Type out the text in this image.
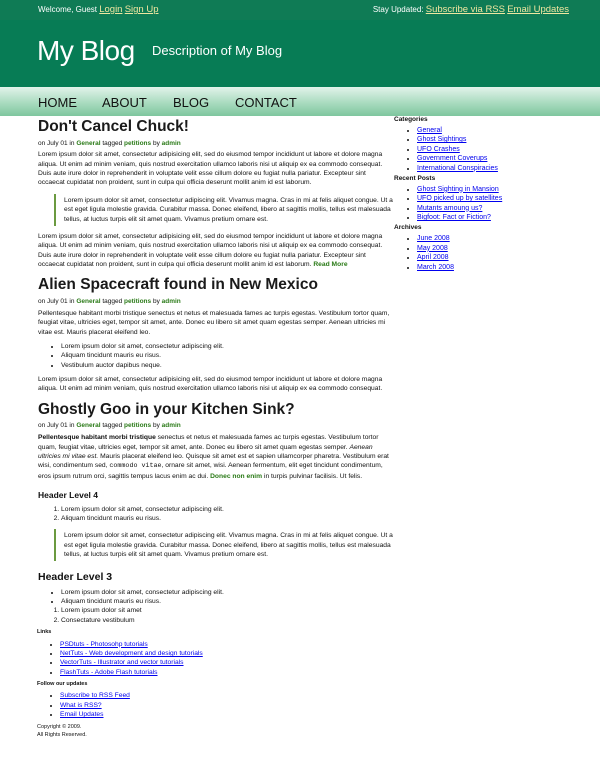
Welcome, Guest Login Sign Up	Stay Updated: Subscribe via RSS Email Updates
My Blog Description of My Blog
HOME ABOUT BLOG CONTACT
Don't Cancel Chuck!
on July 01 in General tagged petitions by admin

Lorem ipsum dolor sit amet, consectetur adipisicing elit, sed do eiusmod tempor incididunt ut labore et dolore magna aliqua. Ut enim ad minim veniam, quis nostrud exercitation ullamco laboris nisi ut aliquip ex ea commodo consequat. Duis aute irure dolor in reprehenderit in voluptate velit esse cillum dolore eu fugiat nulla pariatur. Excepteur sint occaecat cupidatat non proident, sunt in culpa qui officia deserunt mollit anim id est laborum.

Lorem ipsum dolor sit amet, consectetur adipiscing elit. Vivamus magna. Cras in mi at felis aliquet congue. Ut a est eget ligula molestie gravida. Curabitur massa. Donec eleifend, libero at sagittis mollis, tellus est malesuada tellus, at luctus turpis elit sit amet quam. Vivamus pretium ornare est.

Lorem ipsum dolor sit amet, consectetur adipisicing elit, sed do eiusmod tempor incididunt ut labore et dolore magna aliqua. Ut enim ad minim veniam, quis nostrud exercitation ullamco laboris nisi ut aliquip ex ea commodo consequat. Duis aute irure dolor in reprehenderit in voluptate velit esse cillum dolore eu fugiat nulla pariatur. Excepteur sint occaecat cupidatat non proident, sunt in culpa qui officia deserunt mollit anim id est laborum. Read More

Alien Spacecraft found in New Mexico
on July 01 in General tagged petitions by admin

Pellentesque habitant morbi tristique senectus et netus et malesuada fames ac turpis egestas. Vestibulum tortor quam, feugiat vitae, ultricies eget, tempor sit amet, ante. Donec eu libero sit amet quam egestas semper. Aenean ultricies mi vitae est. Mauris placerat eleifend leo.

• Lorem ipsum dolor sit amet, consectetur adipiscing elit.
• Aliquam tincidunt mauris eu risus.
• Vestibulum auctor dapibus neque.

Lorem ipsum dolor sit amet, consectetur adipisicing elit, sed do eiusmod tempor incididunt ut labore et dolore magna aliqua. Ut enim ad minim veniam, quis nostrud exercitation ullamco laboris nisi ut aliquip ex ea commodo consequat.

Ghostly Goo in your Kitchen Sink?
on July 01 in General tagged petitions by admin

Pellentesque habitant morbi tristique senectus et netus et malesuada fames ac turpis egestas. Vestibulum tortor quam, feugiat vitae, ultricies eget, tempor sit amet, ante. Donec eu libero sit amet quam egestas semper. Aenean ultricies mi vitae est. Mauris placerat eleifend leo. Quisque sit amet est et sapien ullamcorper pharetra. Vestibulum erat wisi, condimentum sed, commodo vitae, ornare sit amet, wisi. Aenean fermentum, elit eget tincidunt condimentum, eros ipsum rutrum orci, sagittis tempus lacus enim ac dui. Donec non enim in turpis pulvinar facilisis. Ut felis.

Header Level 4
1. Lorem ipsum dolor sit amet, consectetur adipiscing elit.
2. Aliquam tincidunt mauris eu risus.

Lorem ipsum dolor sit amet, consectetur adipiscing elit. Vivamus magna. Cras in mi at felis aliquet congue. Ut a est eget ligula molestie gravida. Curabitur massa. Donec eleifend, libero at sagittis mollis, tellus est malesuada tellus, at luctus turpis elit sit amet quam. Vivamus pretium ornare est.

Header Level 3
• Lorem ipsum dolor sit amet, consectetur adipiscing elit.
• Aliquam tincidunt mauris eu risus.
1. Lorem ipsum dolor sit amet
2. Consectature vestibulum
Links
• PSDtuts - Photosohp tutorials
• NetTuts - Web development and design tutorials
• VectorTuts - Illustrator and vector tutorials
• FlashTuts - Adobe Flash tutorials
Follow our updates
• Subscribe to RSS Feed
• What is RSS?
• Email Updates
Copyright © 2009.
All Rights Reserved.
Categories
• General
• Ghost Sightings
• UFO Crashes
• Government Coverups
• International Conspiracies
Recent Posts
• Ghost Sighting in Mansion
• UFO picked up by satellites
• Mutants amoung us?
• Bigfoot: Fact or Fiction?
Archives
• June 2008
• May 2008
• April 2008
• March 2008
